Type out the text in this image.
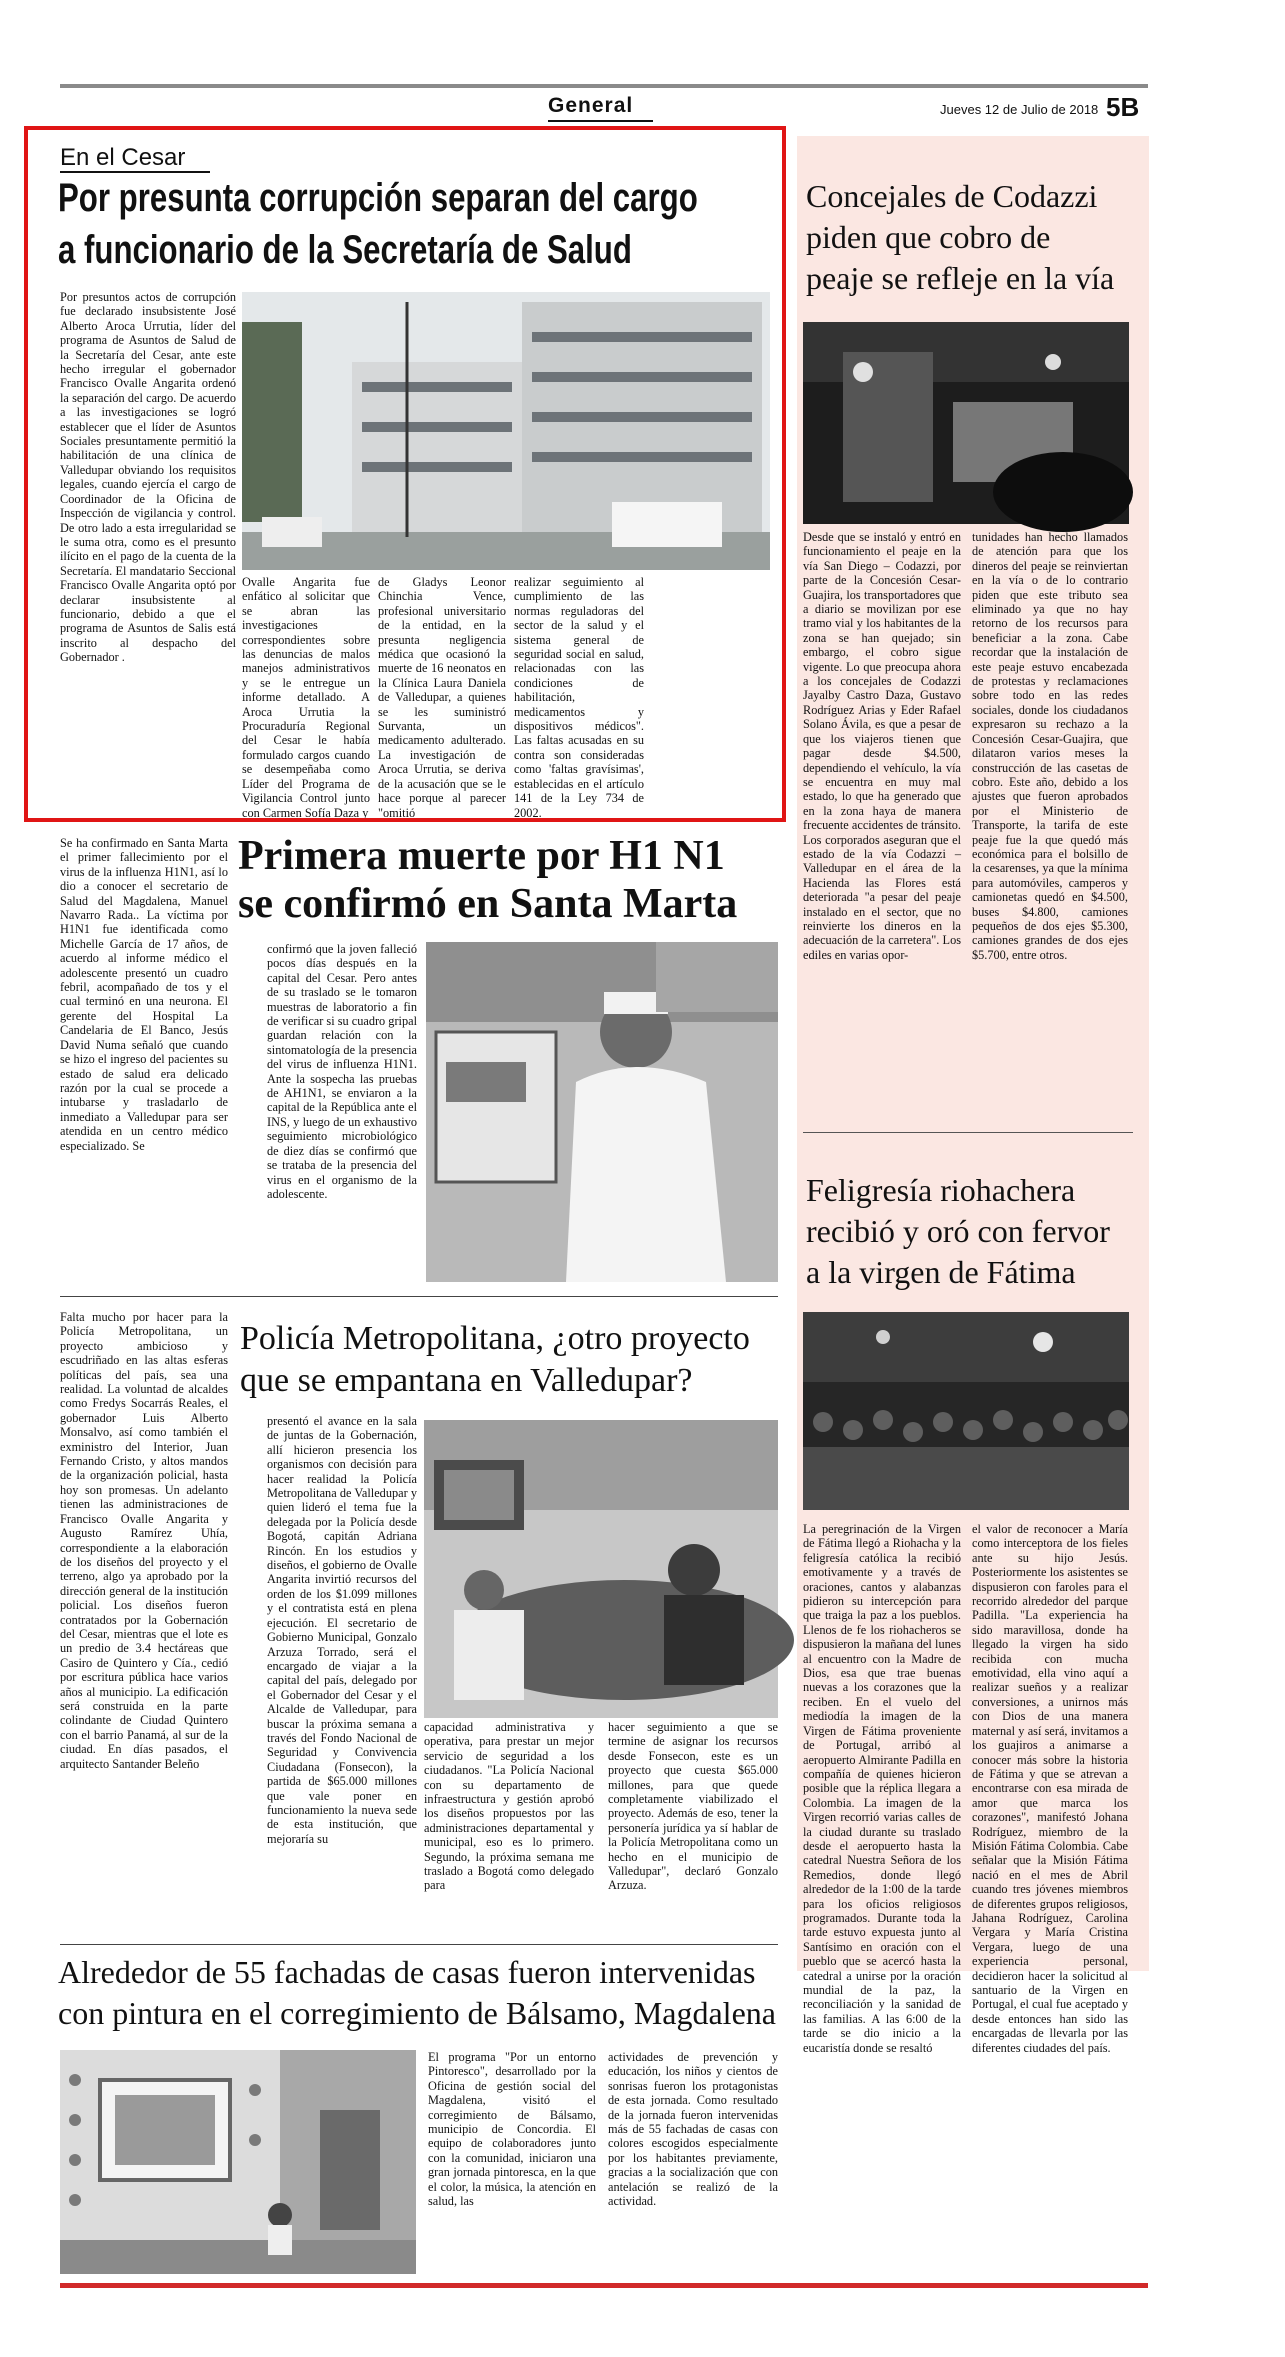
General	Jueves 12 de Julio de 2018 5B
En el Cesar
Por presunta corrupción separan del cargo
a funcionario de la Secretaría de Salud

Por presuntos actos de corrupción fue declarado insubsistente José Alberto Aroca Urrutia, líder del programa de Asuntos de Salud de la Secretaría del Cesar, ante este hecho irregular el gobernador Francisco Ovalle Angarita ordenó la separación del cargo. De acuerdo a las investigaciones se logró establecer que el líder de Asuntos Sociales presuntamente permitió la habilitación de una clínica de Valledupar obviando los requisitos legales, cuando ejercía el cargo de Coordinador de la Oficina de Inspección de vigilancia y control. De otro lado a esta irregularidad se le suma otra, como es el presunto ilícito en el pago de la cuenta de la Secretaría. El mandatario Seccional Francisco Ovalle Angarita optó por declarar insubsistente al funcionario, debido a que el programa de Asuntos de Salis está inscrito al despacho del Gobernador .

Ovalle Angarita fue enfático al solicitar que se abran las investigaciones correspondientes sobre las denuncias de malos manejos administrativos y se le entregue un informe detallado. A Aroca Urrutia la Procuraduría Regional del Cesar le había formulado cargos cuando se desempeñaba como Líder del Programa de Vigilancia Control junto con Carmen Sofía Daza y

de Gladys Leonor Chinchia Vence, profesional universitario de la entidad, en la presunta negligencia médica que ocasionó la muerte de 16 neonatos en la Clínica Laura Daniela de Valledupar, a quienes se les suministró Survanta, un medicamento adulterado. La investigación de Aroca Urrutia, se deriva de la acusación que se le hace porque al parecer "omitió

realizar seguimiento al cumplimiento de las normas reguladoras del sector de la salud y el sistema general de seguridad social en salud, relacionadas con las condiciones de habilitación, medicamentos y dispositivos médicos". Las faltas acusadas en su contra son consideradas como 'faltas gravísimas', establecidas en el artículo 141 de la Ley 734 de 2002.

Se ha confirmado en Santa Marta el primer fallecimiento por el virus de la influenza H1N1, así lo dio a conocer el secretario de Salud del Magdalena, Manuel Navarro Rada.. La víctima por H1N1 fue identificada como Michelle García de 17 años, de acuerdo al informe médico el adolescente presentó un cuadro febril, acompañado de tos y el cual terminó en una neurona. El gerente del Hospital La Candelaria de El Banco, Jesús David Numa señaló que cuando se hizo el ingreso del pacientes su estado de salud era delicado razón por la cual se procede a intubarse y trasladarlo de inmediato a Valledupar para ser atendida en un centro médico especializado. Se

Primera muerte por H1 N1
se confirmó en Santa Marta

confirmó que la joven falleció pocos días después en la capital del Cesar. Pero antes de su traslado se le tomaron muestras de laboratorio a fin de verificar si su cuadro gripal guardan relación con la sintomatología de la presencia del virus de influenza H1N1. Ante la sospecha las pruebas de AH1N1, se enviaron a la capital de la República ante el INS, y luego de un exhaustivo seguimiento microbiológico de diez días se confirmó que se trataba de la presencia del virus en el organismo de la adolescente.

Falta mucho por hacer para la Policía Metropolitana, un proyecto ambicioso y escudriñado en las altas esferas políticas del país, sea una realidad. La voluntad de alcaldes como Fredys Socarrás Reales, el gobernador Luis Alberto Monsalvo, así como también el exministro del Interior, Juan Fernando Cristo, y altos mandos de la organización policial, hasta hoy son promesas. Un adelanto tienen las administraciones de Francisco Ovalle Angarita y Augusto Ramírez Uhía, correspondiente a la elaboración de los diseños del proyecto y el terreno, algo ya aprobado por la dirección general de la institución policial. Los diseños fueron contratados por la Gobernación del Cesar, mientras que el lote es un predio de 3.4 hectáreas que Casiro de Quintero y Cía., cedió por escritura pública hace varios años al municipio. La edificación será construida en la parte colindante de Ciudad Quintero con el barrio Panamá, al sur de la ciudad. En días pasados, el arquitecto Santander Beleño

Policía Metropolitana, ¿otro proyecto
que se empantana en Valledupar?

presentó el avance en la sala de juntas de la Gobernación, allí hicieron presencia los organismos con decisión para hacer realidad la Policía Metropolitana de Valledupar y quien lideró el tema fue la delegada por la Policía desde Bogotá, capitán Adriana Rincón. En los estudios y diseños, el gobierno de Ovalle Angarita invirtió recursos del orden de los $1.099 millones y el contratista está en plena ejecución. El secretario de Gobierno Municipal, Gonzalo Arzuza Torrado, será el encargado de viajar a la capital del país, delegado por el Gobernador del Cesar y el Alcalde de Valledupar, para buscar la próxima semana a través del Fondo Nacional de Seguridad y Convivencia Ciudadana (Fonsecon), la partida de $65.000 millones que vale poner en funcionamiento la nueva sede de esta institución, que mejoraría su

capacidad administrativa y operativa, para prestar un mejor servicio de seguridad a los ciudadanos. "La Policía Nacional con su departamento de infraestructura y gestión aprobó los diseños propuestos por las administraciones departamental y municipal, eso es lo primero. Segundo, la próxima semana me traslado a Bogotá como delegado para

hacer seguimiento a que se termine de asignar los recursos desde Fonsecon, este es un proyecto que cuesta $65.000 millones, para que quede completamente viabilizado el proyecto. Además de eso, tener la personería jurídica ya sí hablar de la Policía Metropolitana como un hecho en el municipio de Valledupar", declaró Gonzalo Arzuza.

Alrededor de 55 fachadas de casas fueron intervenidas
con pintura en el corregimiento de Bálsamo, Magdalena

El programa "Por un entorno Pintoresco", desarrollado por la Oficina de gestión social del Magdalena, visitó el corregimiento de Bálsamo, municipio de Concordia. El equipo de colaboradores junto con la comunidad, iniciaron una gran jornada pintoresca, en la que el color, la música, la atención en salud, las

actividades de prevención y educación, los niños y cientos de sonrisas fueron los protagonistas de esta jornada. Como resultado de la jornada fueron intervenidas más de 55 fachadas de casas con colores escogidos especialmente por los habitantes previamente, gracias a la socialización que con antelación se realizó de la actividad.

Concejales de Codazzi
piden que cobro de
peaje se refleje en la vía

Desde que se instaló y entró en funcionamiento el peaje en la vía San Diego – Codazzi, por parte de la Concesión Cesar-Guajira, los transportadores que a diario se movilizan por ese tramo vial y los habitantes de la zona se han quejado; sin embargo, el cobro sigue vigente. Lo que preocupa ahora a los concejales de Codazzi Jayalby Castro Daza, Gustavo Rodríguez Arias y Eder Rafael Solano Ávila, es que a pesar de que los viajeros tienen que pagar desde $4.500, dependiendo el vehículo, la vía se encuentra en muy mal estado, lo que ha generado que en la zona haya de manera frecuente accidentes de tránsito. Los corporados aseguran que el estado de la vía Codazzi – Valledupar en el área de la Hacienda las Flores está deteriorada "a pesar del peaje instalado en el sector, que no reinvierte los dineros en la adecuación de la carretera". Los ediles en varias opor-

tunidades han hecho llamados de atención para que los dineros del peaje se reinviertan en la vía o de lo contrario piden que este tributo sea eliminado ya que no hay retorno de los recursos para beneficiar a la zona. Cabe recordar que la instalación de este peaje estuvo encabezada de protestas y reclamaciones sobre todo en las redes sociales, donde los ciudadanos expresaron su rechazo a la Concesión Cesar-Guajira, que dilataron varios meses la construcción de las casetas de cobro. Este año, debido a los ajustes que fueron aprobados por el Ministerio de Transporte, la tarifa de este peaje fue la que quedó más económica para el bolsillo de la cesarenses, ya que la mínima para automóviles, camperos y camionetas quedó en $4.500, buses $4.800, camiones pequeños de dos ejes $5.300, camiones grandes de dos ejes $5.700, entre otros.

Feligresía riohachera
recibió y oró con fervor
a la virgen de Fátima

La peregrinación de la Virgen de Fátima llegó a Riohacha y la feligresía católica la recibió emotivamente y a través de oraciones, cantos y alabanzas pidieron su intercepción para que traiga la paz a los pueblos. Llenos de fe los riohacheros se dispusieron la mañana del lunes al encuentro con la Madre de Dios, esa que trae buenas nuevas a los corazones que la reciben. En el vuelo del mediodía la imagen de la Virgen de Fátima proveniente de Portugal, arribó al aeropuerto Almirante Padilla en compañía de quienes hicieron posible que la réplica llegara a Colombia. La imagen de la Virgen recorrió varias calles de la ciudad durante su traslado desde el aeropuerto hasta la catedral Nuestra Señora de los Remedios, donde llegó alrededor de la 1:00 de la tarde para los oficios religiosos programados. Durante toda la tarde estuvo expuesta junto al Santísimo en oración con el pueblo que se acercó hasta la catedral a unirse por la oración mundial de la paz, la reconciliación y la sanidad de las familias. A las 6:00 de la tarde se dio inicio a la eucaristía donde se resaltó

el valor de reconocer a María como interceptora de los fieles ante su hijo Jesús. Posteriormente los asistentes se dispusieron con faroles para el recorrido alrededor del parque Padilla. "La experiencia ha sido maravillosa, donde ha llegado la virgen ha sido recibida con mucha emotividad, ella vino aquí a realizar sueños y a realizar conversiones, a unirnos más con Dios de una manera maternal y así será, invitamos a los guajiros a animarse a conocer más sobre la historia de Fátima y que se atrevan a encontrarse con esa mirada de amor que marca los corazones", manifestó Johana Rodríguez, miembro de la Misión Fátima Colombia. Cabe señalar que la Misión Fátima nació en el mes de Abril cuando tres jóvenes miembros de diferentes grupos religiosos, Jahana Rodríguez, Carolina Vergara y María Cristina Vergara, luego de una experiencia personal, decidieron hacer la solicitud al santuario de la Virgen en Portugal, el cual fue aceptado y desde entonces han sido las encargadas de llevarla por las diferentes ciudades del país.
